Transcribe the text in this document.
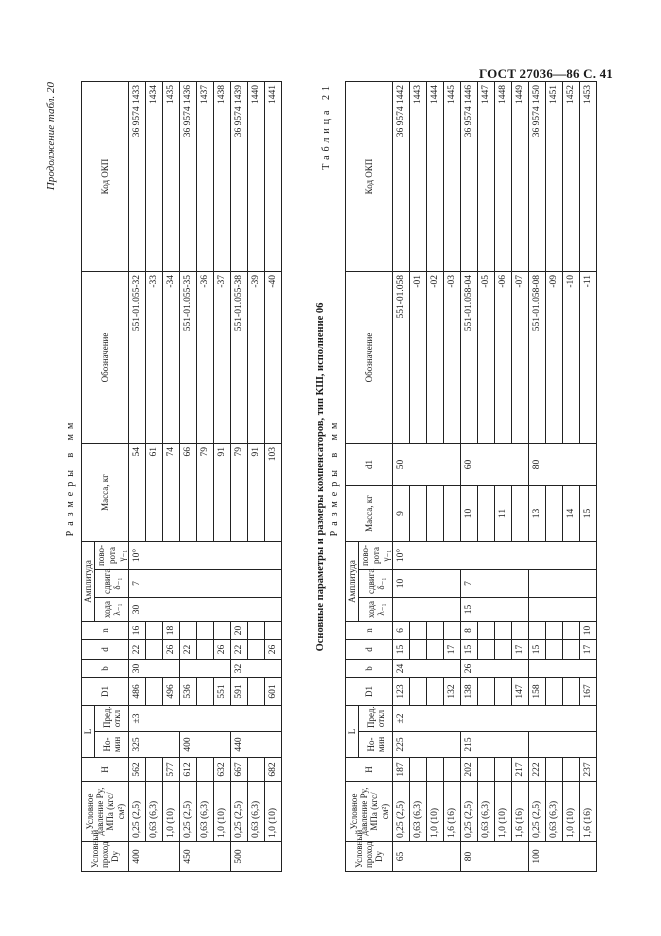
ГОСТ 27036—86 С. 41
Продолжение табл. 20
Размеры в мм
Условный проход Dу	Условное давление Pу, МПа (кгс/см²)	H	L		D1	b	d	n	Амплитуда			Масса, кг	Обозначение	Код ОКП
			Но-мин	Пред. откл					хода λ₋₁	сдвига δ₋₁	пово-рота γ₋₁			
400	0,25 (2,5)	562	325	±3	486	30	22	16	30	7	10°	54	551-01.055-32	36 9574 1433
	0,63 (6,3)											61	-33	1434
	1,0 (10)	577			496		26	18				74	-34	1435
450	0,25 (2,5)	612	400		536		22					66	551-01.055-35	36 9574 1436
	0,63 (6,3)											79	-36	1437
	1,0 (10)	632			551		26					91	-37	1438
500	0,25 (2,5)	667	440		591	32	22	20				79	551-01.055-38	36 9574 1439
	0,63 (6,3)											91	-39	1440
	1,0 (10)	682			601		26					103	-40	1441	Таблица 21
Основные параметры и размеры компенсаторов, тип КШ, исполнение 06 Размеры в мм
Условный проход Dу	Условное давление Pу, МПа (кгс/см²)	H	L		D1	b	d	n	Амплитуда			Масса, кг	d1	Обозначение	Код ОКП
			Но-мин	Пред. откл					хода λ₋₁	сдвига δ₋₁	пово-рота γ₋₁				
65	0,25 (2,5)	187	225	±2	123	24	15	6		10	10°	9	50	551-01.058	36 9574 1442
	0,63 (6,3)													-01	1443
	1,0 (10)													-02	1444
	1,6 (16)				132		17							-03	1445
80	0,25 (2,5)	202	215		138	26	15	8	15	7		10	60	551-01.058-04	36 9574 1446
	0,63 (6,3)													-05	1447
	1,0 (10)											11		-06	1448
	1,6 (16)	217			147		17							-07	1449
100	0,25 (2,5)	222			158		15					13	80	551-01.058-08	36 9574 1450
	0,63 (6,3)													-09	1451
	1,0 (10)											14		-10	1452
	1,6 (16)	237			167		17	10				15		-11	1453
